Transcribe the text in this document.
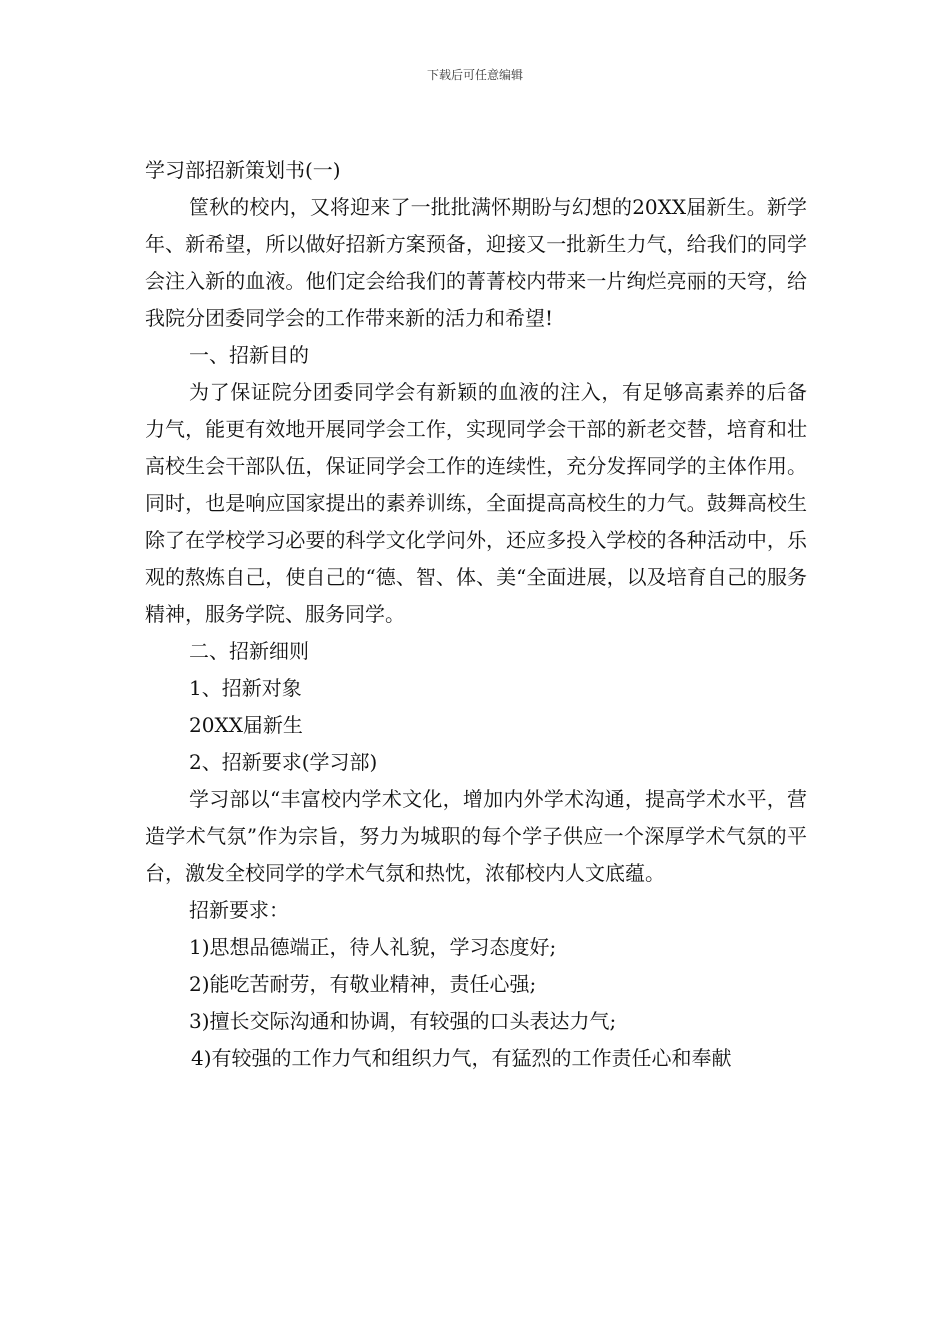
下载后可任意编辑

学习部招新策划书(一)

筐秋的校内，又将迎来了一批批满怀期盼与幻想的20XX届新生。新学年、新希望，所以做好招新方案预备，迎接又一批新生力气，给我们的同学会注入新的血液。他们定会给我们的菁菁校内带来一片绚烂亮丽的天穹，给我院分团委同学会的工作带来新的活力和希望!

一、招新目的

为了保证院分团委同学会有新颖的血液的注入，有足够高素养的后备力气，能更有效地开展同学会工作，实现同学会干部的新老交替，培育和壮高校生会干部队伍，保证同学会工作的连续性，充分发挥同学的主体作用。同时，也是响应国家提出的素养训练，全面提高高校生的力气。鼓舞高校生除了在学校学习必要的科学文化学问外，还应多投入学校的各种活动中，乐观的熬炼自己，使自己的“德、智、体、美“全面进展，以及培育自己的服务精神，服务学院、服务同学。

二、招新细则

1、招新对象

20XX届新生

2、招新要求(学习部)

学习部以“丰富校内学术文化，增加内外学术沟通，提高学术水平，营造学术气氛”作为宗旨，努力为城职的每个学子供应一个深厚学术气氛的平台，激发全校同学的学术气氛和热忱，浓郁校内人文底蕴。

招新要求：

1)思想品德端正，待人礼貌，学习态度好;

2)能吃苦耐劳，有敬业精神，责任心强;

3)擅长交际沟通和协调，有较强的口头表达力气;

4)有较强的工作力气和组织力气，有猛烈的工作责任心和奉献
